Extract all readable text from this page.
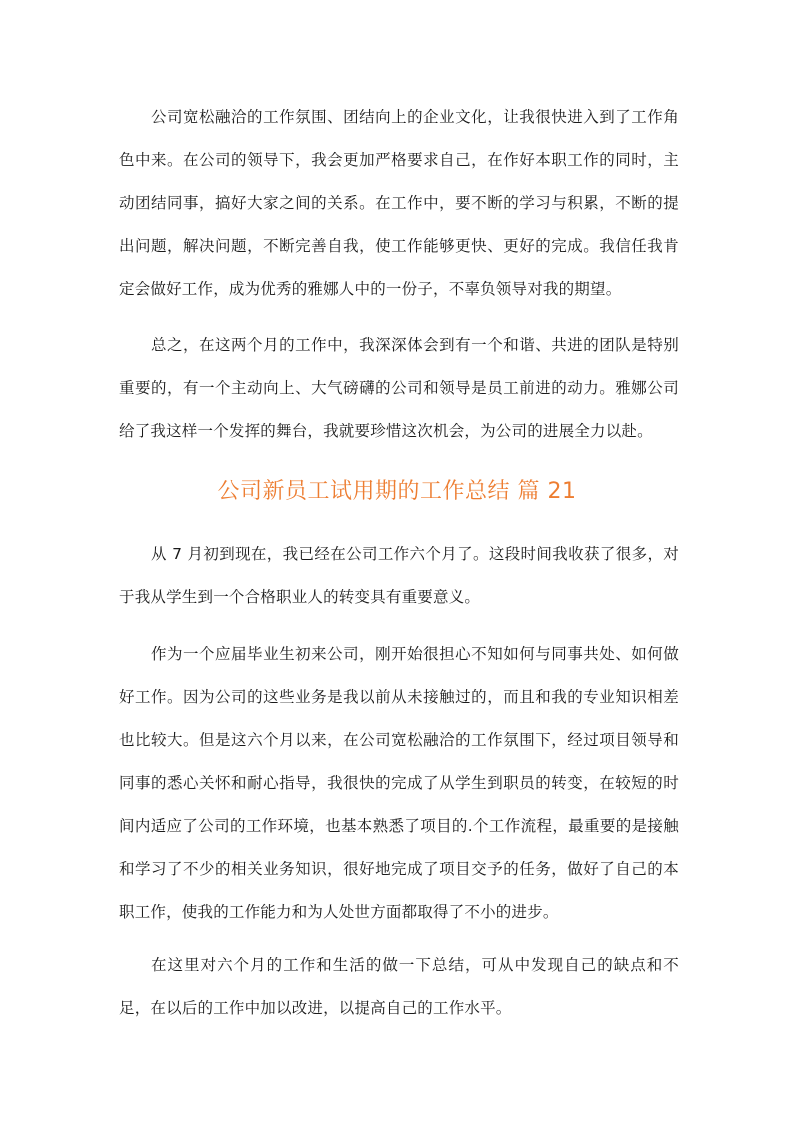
公司宽松融洽的工作氛围、团结向上的企业文化，让我很快进入到了工作角色中来。在公司的领导下，我会更加严格要求自己，在作好本职工作的同时，主动团结同事，搞好大家之间的关系。在工作中，要不断的学习与积累，不断的提出问题，解决问题，不断完善自我，使工作能够更快、更好的完成。我信任我肯定会做好工作，成为优秀的雅娜人中的一份子，不辜负领导对我的期望。

总之，在这两个月的工作中，我深深体会到有一个和谐、共进的团队是特别重要的，有一个主动向上、大气磅礴的公司和领导是员工前进的动力。雅娜公司给了我这样一个发挥的舞台，我就要珍惜这次机会，为公司的进展全力以赴。

公司新员工试用期的工作总结 篇 21

从 7 月初到现在，我已经在公司工作六个月了。这段时间我收获了很多，对于我从学生到一个合格职业人的转变具有重要意义。

作为一个应届毕业生初来公司，刚开始很担心不知如何与同事共处、如何做好工作。因为公司的这些业务是我以前从未接触过的，而且和我的专业知识相差也比较大。但是这六个月以来，在公司宽松融洽的工作氛围下，经过项目领导和同事的悉心关怀和耐心指导，我很快的完成了从学生到职员的转变，在较短的时间内适应了公司的工作环境，也基本熟悉了项目的.个工作流程，最重要的是接触和学习了不少的相关业务知识，很好地完成了项目交予的任务，做好了自己的本职工作，使我的工作能力和为人处世方面都取得了不小的进步。

在这里对六个月的工作和生活的做一下总结，可从中发现自己的缺点和不足，在以后的工作中加以改进，以提高自己的工作水平。
